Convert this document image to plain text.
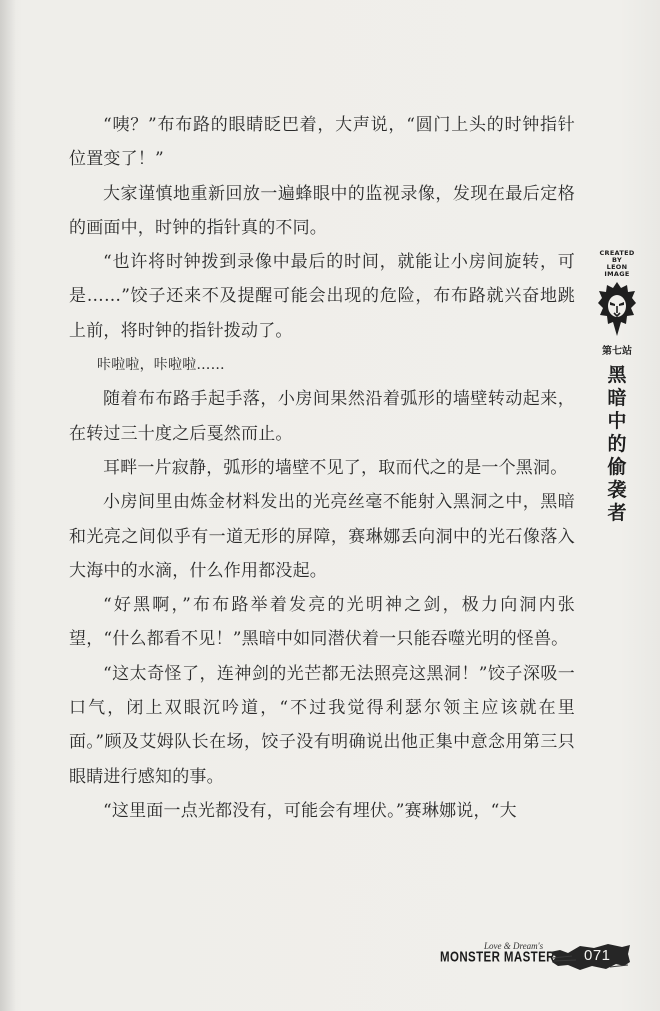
“咦？”布布路的眼睛眨巴着，大声说，“圆门上头的时钟指针位置变了！”

大家谨慎地重新回放一遍蜂眼中的监视录像，发现在最后定格的画面中，时钟的指针真的不同。

“也许将时钟拨到录像中最后的时间，就能让小房间旋转，可是……”饺子还来不及提醒可能会出现的危险，布布路就兴奋地跳上前，将时钟的指针拨动了。

咔啦啦，咔啦啦……

随着布布路手起手落，小房间果然沿着弧形的墙壁转动起来，在转过三十度之后戛然而止。

耳畔一片寂静，弧形的墙壁不见了，取而代之的是一个黑洞。

小房间里由炼金材料发出的光亮丝毫不能射入黑洞之中，黑暗和光亮之间似乎有一道无形的屏障，赛琳娜丢向洞中的光石像落入大海中的水滴，什么作用都没起。

“好黑啊，”布布路举着发亮的光明神之剑，极力向洞内张望，“什么都看不见！”黑暗中如同潜伏着一只能吞噬光明的怪兽。

“这太奇怪了，连神剑的光芒都无法照亮这黑洞！”饺子深吸一口气，闭上双眼沉吟道，“不过我觉得利瑟尔领主应该就在里面。”顾及艾姆队长在场，饺子没有明确说出他正集中意念用第三只眼睛进行感知的事。

“这里面一点光都没有，可能会有埋伏。”赛琳娜说，“大

CREATED
BY
LEON
IMAGE
第七站
黑暗中的偷袭者
Love & Dream's
MONSTER MASTER 071
